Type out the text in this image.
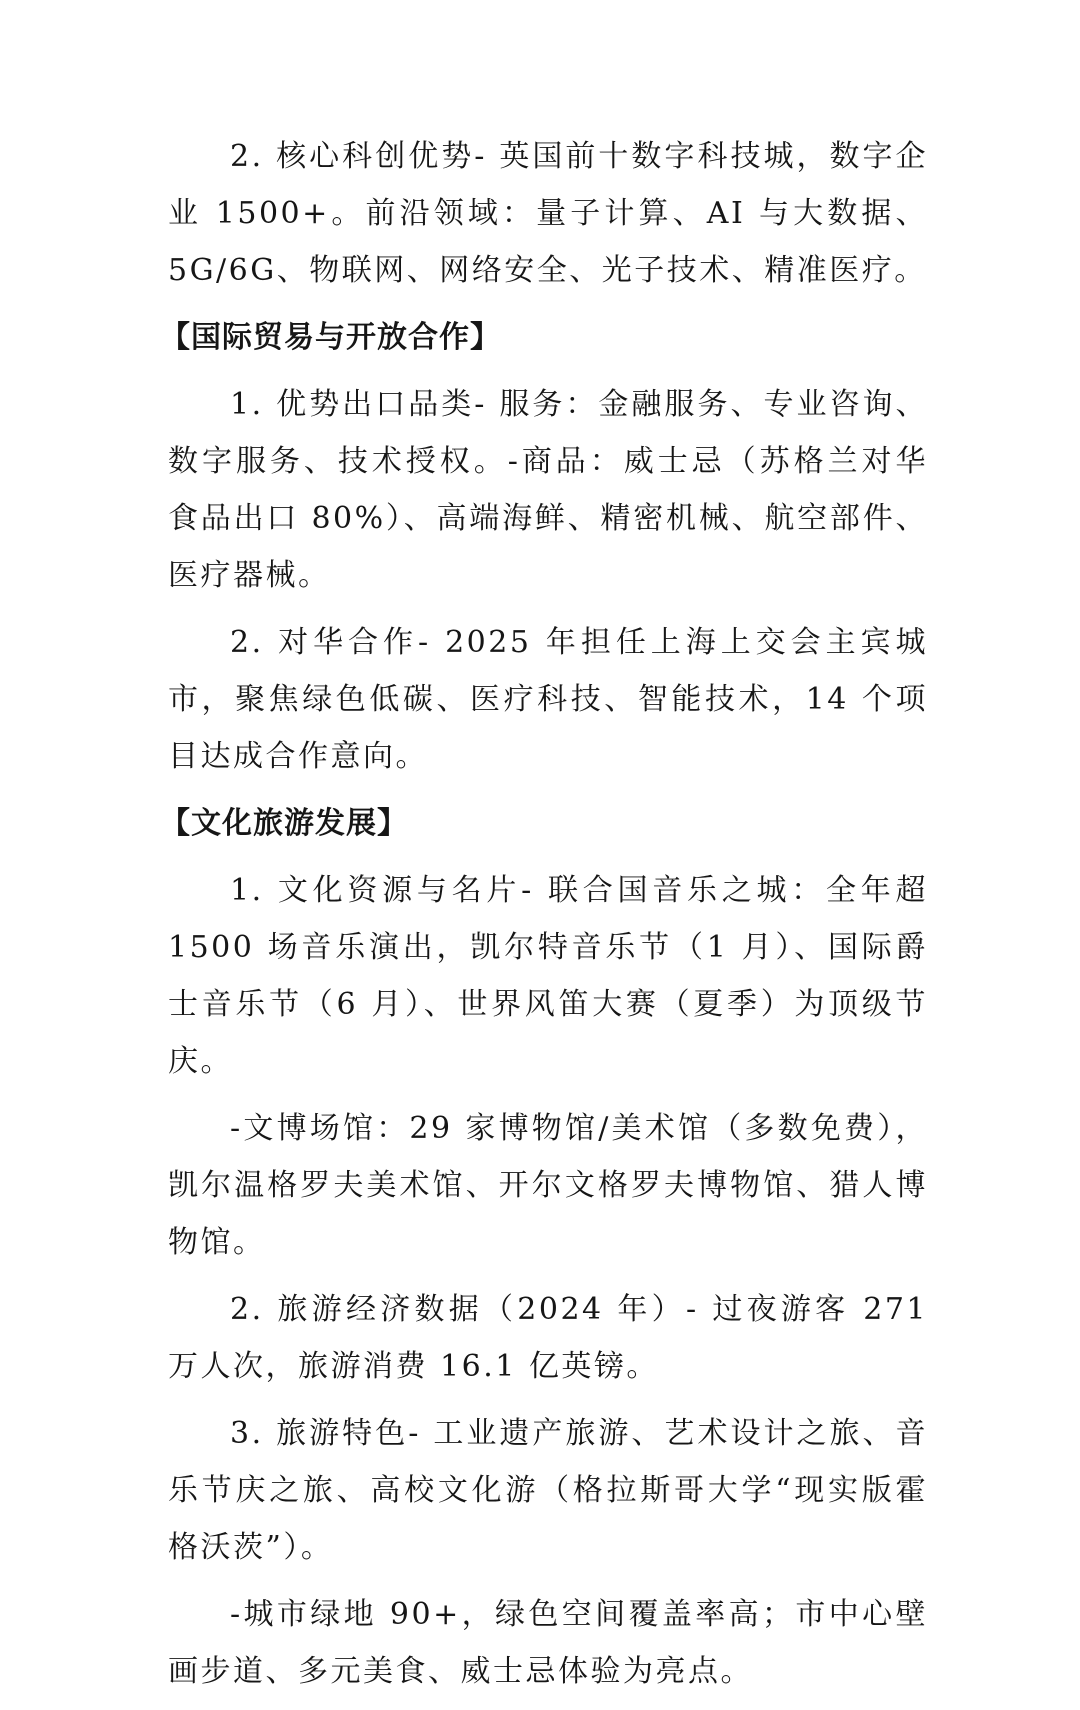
2. 核心科创优势- 英国前十数字科技城，数字企业 1500+。前沿领域：量子计算、AI 与大数据、5G/6G、物联网、网络安全、光子技术、精准医疗。

【国际贸易与开放合作】

1. 优势出口品类- 服务：金融服务、专业咨询、数字服务、技术授权。-商品：威士忌（苏格兰对华食品出口 80%）、高端海鲜、精密机械、航空部件、医疗器械。

2. 对华合作- 2025 年担任上海上交会主宾城市，聚焦绿色低碳、医疗科技、智能技术，14 个项目达成合作意向。

【文化旅游发展】

1. 文化资源与名片- 联合国音乐之城：全年超 1500 场音乐演出，凯尔特音乐节（1 月）、国际爵士音乐节（6 月）、世界风笛大赛（夏季）为顶级节庆。

-文博场馆：29 家博物馆/美术馆（多数免费），凯尔温格罗夫美术馆、开尔文格罗夫博物馆、猎人博物馆。

2. 旅游经济数据（2024 年）- 过夜游客 271 万人次，旅游消费 16.1 亿英镑。

3. 旅游特色- 工业遗产旅游、艺术设计之旅、音乐节庆之旅、高校文化游（格拉斯哥大学“现实版霍格沃茨”）。

-城市绿地 90+，绿色空间覆盖率高；市中心壁画步道、多元美食、威士忌体验为亮点。
